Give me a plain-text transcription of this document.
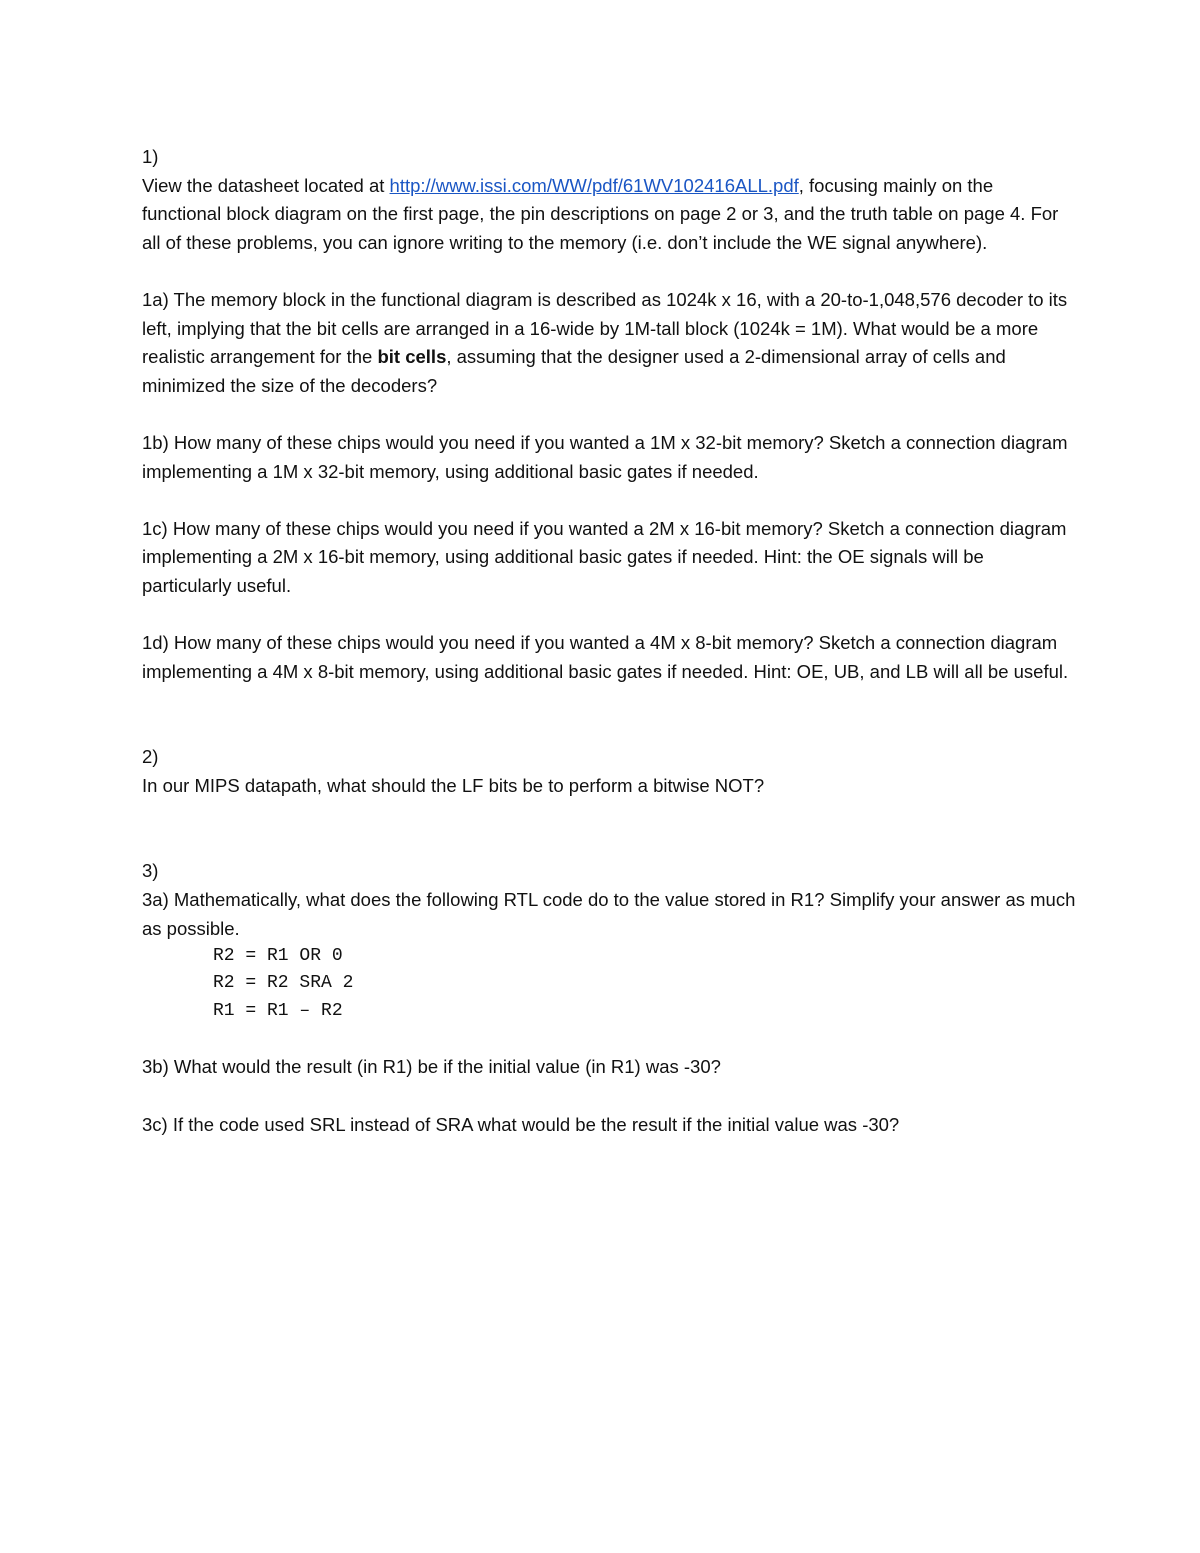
1)

View the datasheet located at http://www.issi.com/WW/pdf/61WV102416ALL.pdf, focusing mainly on the functional block diagram on the first page, the pin descriptions on page 2 or 3, and the truth table on page 4. For all of these problems, you can ignore writing to the memory (i.e. don’t include the WE signal anywhere).

1a) The memory block in the functional diagram is described as 1024k x 16, with a 20-to-1,048,576 decoder to its left, implying that the bit cells are arranged in a 16-wide by 1M-tall block (1024k = 1M). What would be a more realistic arrangement for the bit cells, assuming that the designer used a 2-dimensional array of cells and minimized the size of the decoders?

1b) How many of these chips would you need if you wanted a 1M x 32-bit memory? Sketch a connection diagram implementing a 1M x 32-bit memory, using additional basic gates if needed.

1c) How many of these chips would you need if you wanted a 2M x 16-bit memory? Sketch a connection diagram implementing a 2M x 16-bit memory, using additional basic gates if needed. Hint: the OE signals will be particularly useful.

1d) How many of these chips would you need if you wanted a 4M x 8-bit memory? Sketch a connection diagram implementing a 4M x 8-bit memory, using additional basic gates if needed. Hint: OE, UB, and LB will all be useful.

2)

In our MIPS datapath, what should the LF bits be to perform a bitwise NOT?

3)

3a) Mathematically, what does the following RTL code do to the value stored in R1? Simplify your answer as much as possible.

R2 = R1 OR 0
R2 = R2 SRA 2
R1 = R1 – R2

3b) What would the result (in R1) be if the initial value (in R1) was -30?

3c) If the code used SRL instead of SRA what would be the result if the initial value was -30?
